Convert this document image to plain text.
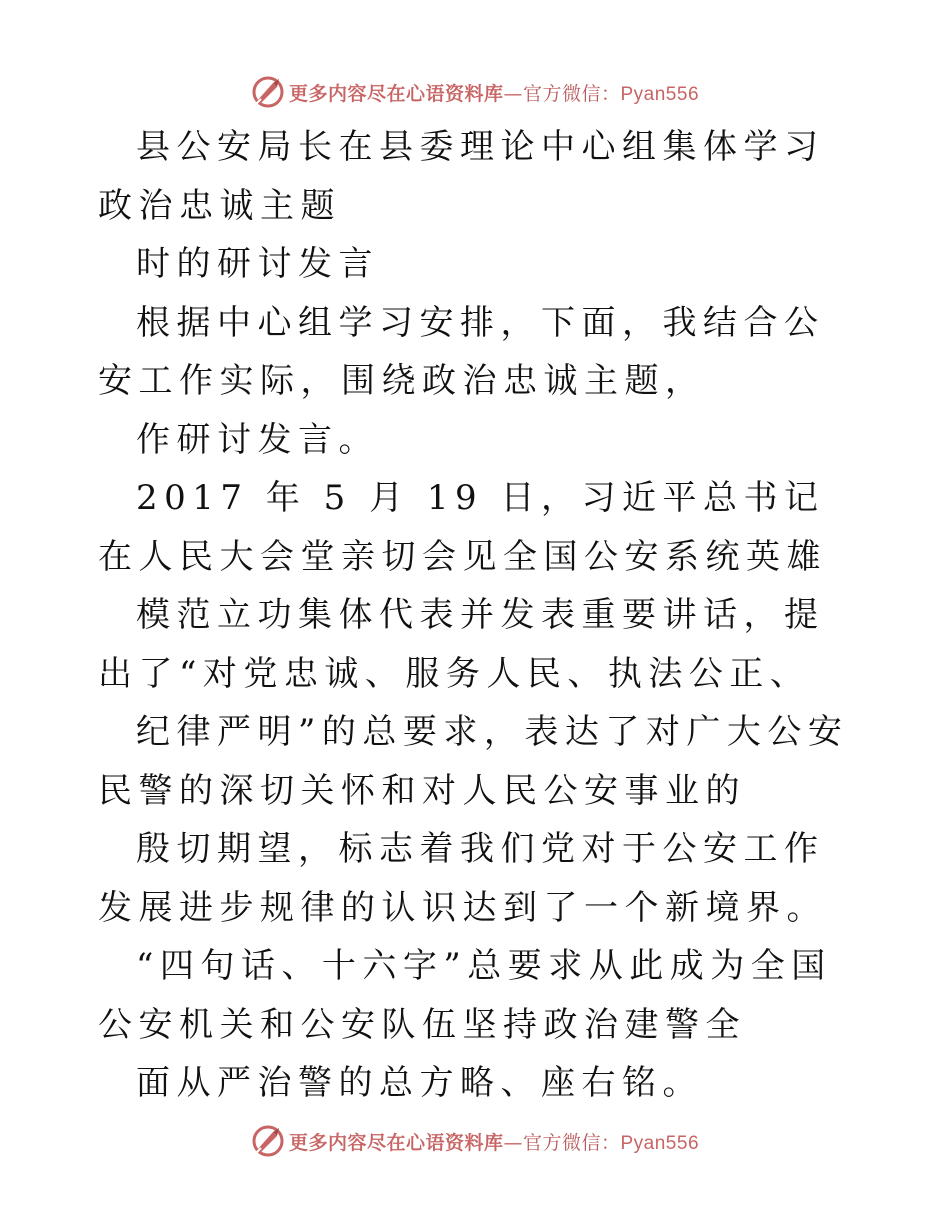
更多内容尽在心语资料库—官方微信：Pyan556

县公安局长在县委理论中心组集体学习政治忠诚主题

时的研讨发言

根据中心组学习安排，下面，我结合公安工作实际，围绕政治忠诚主题，

作研讨发言。

2017 年 5 月 19 日，习近平总书记在人民大会堂亲切会见全国公安系统英雄

模范立功集体代表并发表重要讲话，提出了“对党忠诚、服务人民、执法公正、

纪律严明”的总要求，表达了对广大公安民警的深切关怀和对人民公安事业的

殷切期望，标志着我们党对于公安工作发展进步规律的认识达到了一个新境界。

“四句话、十六字”总要求从此成为全国公安机关和公安队伍坚持政治建警全

面从严治警的总方略、座右铭。

更多内容尽在心语资料库—官方微信：Pyan556
